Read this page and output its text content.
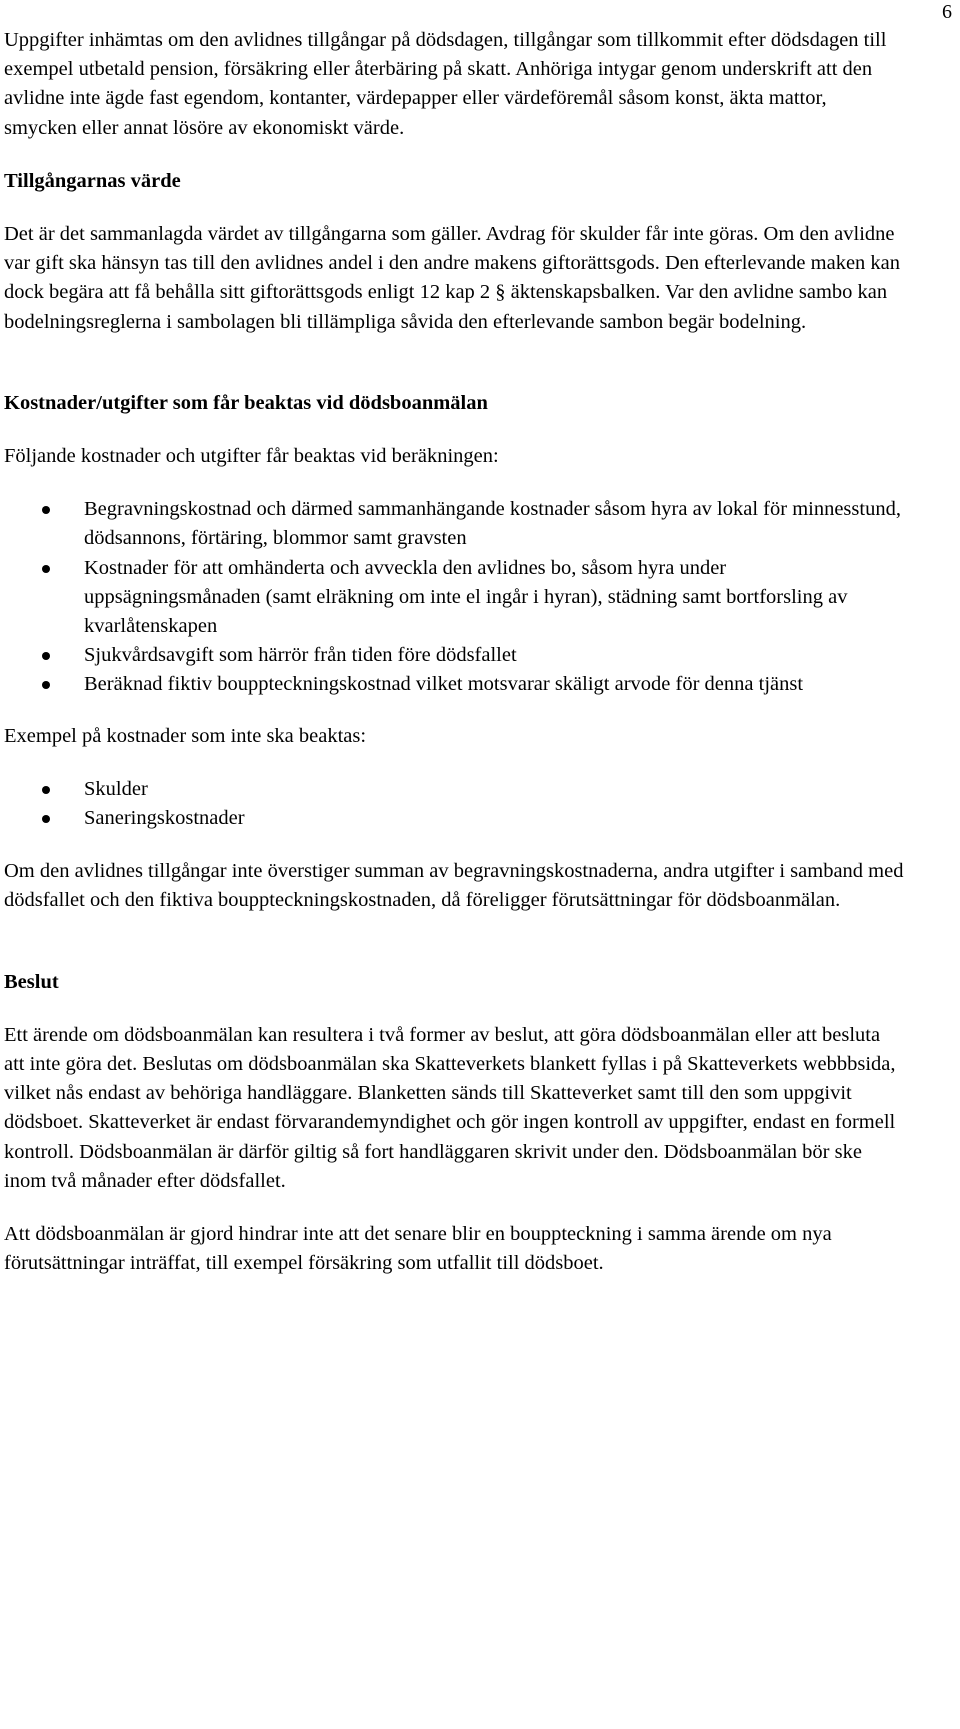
6

Uppgifter inhämtas om den avlidnes tillgångar på dödsdagen, tillgångar som tillkommit efter dödsdagen till exempel utbetald pension, försäkring eller återbäring på skatt. Anhöriga intygar genom underskrift att den avlidne inte ägde fast egendom, kontanter, värdepapper eller värdeföremål såsom konst, äkta mattor, smycken eller annat lösöre av ekonomiskt värde.

Tillgångarnas värde

Det är det sammanlagda värdet av tillgångarna som gäller. Avdrag för skulder får inte göras. Om den avlidne var gift ska hänsyn tas till den avlidnes andel i den andre makens giftorättsgods. Den efterlevande maken kan dock begära att få behålla sitt giftorättsgods enligt 12 kap 2 § äktenskapsbalken. Var den avlidne sambo kan bodelningsreglerna i sambolagen bli tillämpliga såvida den efterlevande sambon begär bodelning.

Kostnader/utgifter som får beaktas vid dödsboanmälan

Följande kostnader och utgifter får beaktas vid beräkningen:

Begravningskostnad och därmed sammanhängande kostnader såsom hyra av lokal för minnesstund, dödsannons, förtäring, blommor samt gravsten
Kostnader för att omhänderta och avveckla den avlidnes bo, såsom hyra under uppsägningsmånaden (samt elräkning om inte el ingår i hyran), städning samt bortforsling av kvarlåtenskapen
Sjukvårdsavgift som härrör från tiden före dödsfallet
Beräknad fiktiv bouppteckningskostnad vilket motsvarar skäligt arvode för denna tjänst

Exempel på kostnader som inte ska beaktas:

Skulder
Saneringskostnader

Om den avlidnes tillgångar inte överstiger summan av begravningskostnaderna, andra utgifter i samband med dödsfallet och den fiktiva bouppteckningskostnaden, då föreligger förutsättningar för dödsboanmälan.

Beslut

Ett ärende om dödsboanmälan kan resultera i två former av beslut, att göra dödsboanmälan eller att besluta att inte göra det. Beslutas om dödsboanmälan ska Skatteverkets blankett fyllas i på Skatteverkets webbbsida, vilket nås endast av behöriga handläggare. Blanketten sänds till Skatteverket samt till den som uppgivit dödsboet. Skatteverket är endast förvarandemyndighet och gör ingen kontroll av uppgifter, endast en formell kontroll. Dödsboanmälan är därför giltig så fort handläggaren skrivit under den. Dödsboanmälan bör ske inom två månader efter dödsfallet.

Att dödsboanmälan är gjord hindrar inte att det senare blir en bouppteckning i samma ärende om nya förutsättningar inträffat, till exempel försäkring som utfallit till dödsboet.
